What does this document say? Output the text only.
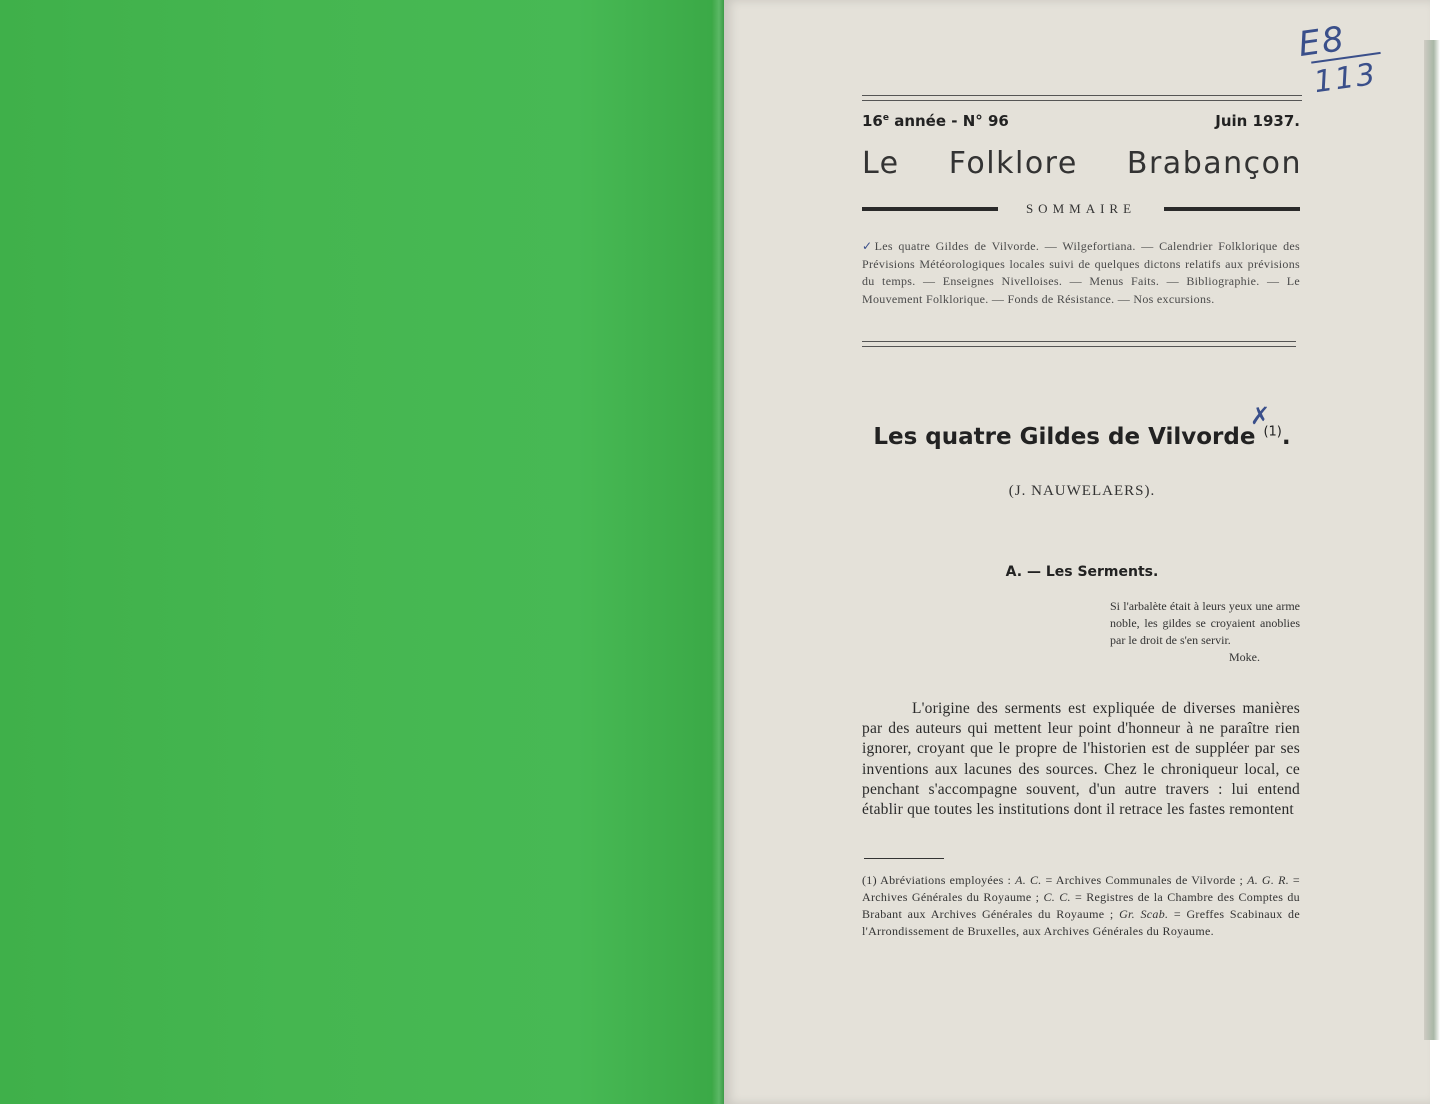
E8
113
16e année - N° 96	Juin 1937.
Le Folklore Brabançon
SOMMAIRE
✓Les quatre Gildes de Vilvorde. — Wilgefortiana. — Calendrier Folklorique des Prévisions Météorologiques locales suivi de quelques dictons relatifs aux prévisions du temps. — Enseignes Nivelloises. — Menus Faits. — Bibliographie. — Le Mouvement Folklorique. — Fonds de Résistance. — Nos excursions.
✗
Les quatre Gildes de Vilvorde $^{(1)}$.
(J. NAUWELAERS).
A. — Les Serments.
Si l'arbalète était à leurs yeux une arme noble, les gildes se croyaient anoblies par le droit de s'en servir.
Moke.
L'origine des serments est expliquée de diverses manières par des auteurs qui mettent leur point d'honneur à ne paraître rien ignorer, croyant que le propre de l'historien est de suppléer par ses inventions aux lacunes des sources. Chez le chroniqueur local, ce penchant s'accompagne souvent, d'un autre travers : lui entend établir que toutes les institutions dont il retrace les fastes remontent
(1) Abréviations employées : A. C. = Archives Communales de Vilvorde ; A. G. R. = Archives Générales du Royaume ; C. C. = Registres de la Chambre des Comptes du Brabant aux Archives Générales du Royaume ; Gr. Scab. = Greffes Scabinaux de l'Arrondissement de Bruxelles, aux Archives Générales du Royaume.
